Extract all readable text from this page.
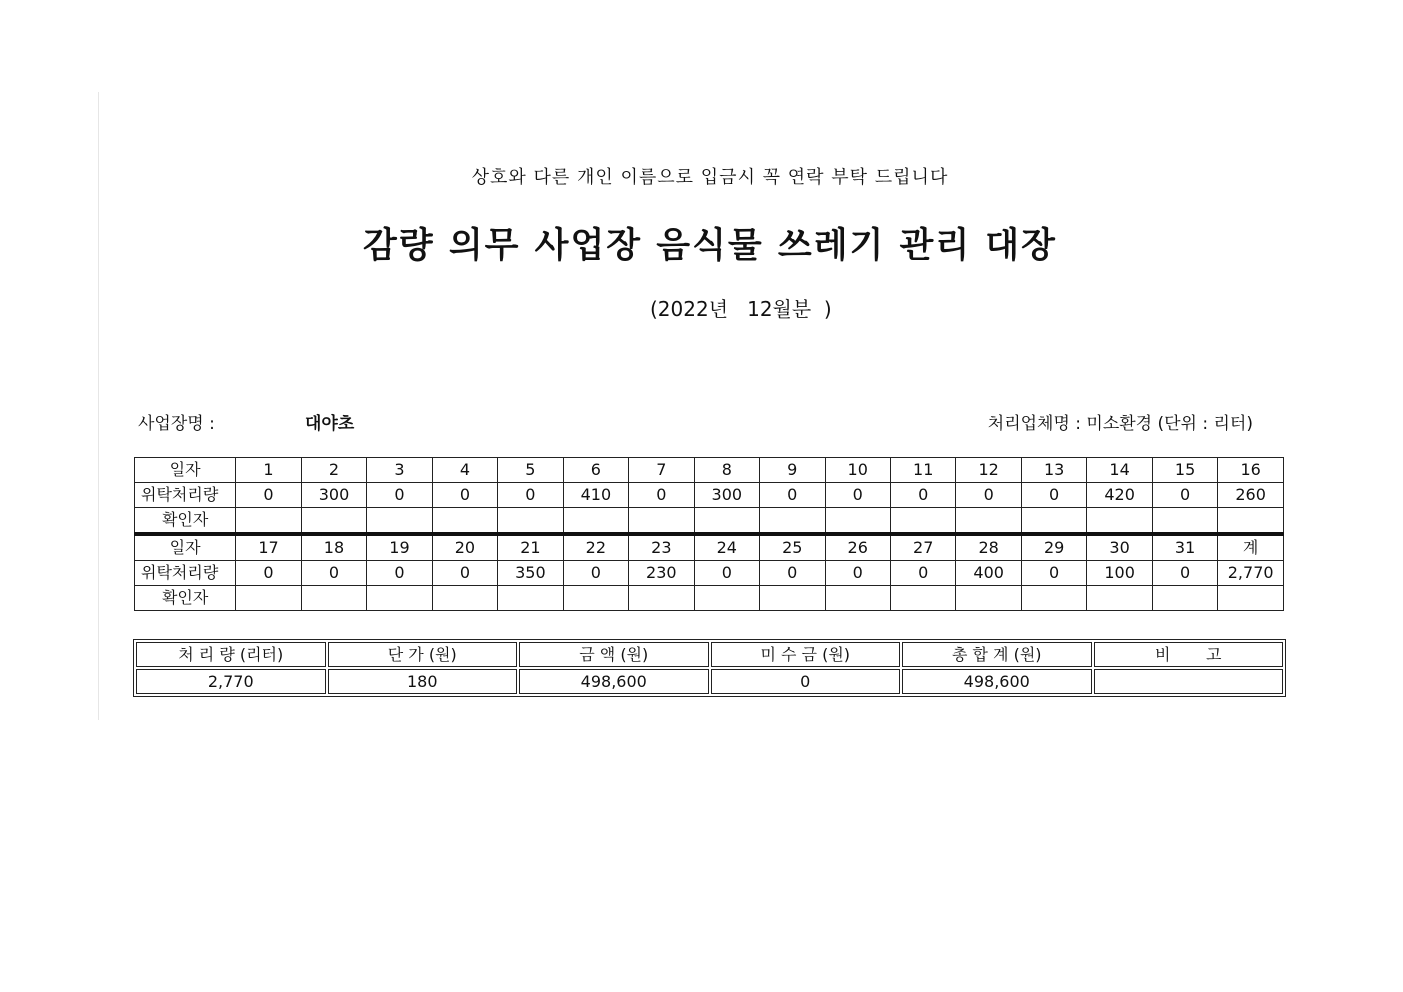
상호와 다른 개인 이름으로 입금시 꼭 연락 부탁 드립니다
감량 의무 사업장 음식물 쓰레기 관리 대장
(2022년   12월분  )
사업장명 :	대야초	처리업체명 : 미소환경 (단위 : 리터)
일자	1	2	3	4	5	6	7	8	9	10	11	12	13	14	15	16
위탁처리량	0	300	0	0	0	410	0	300	0	0	0	0	0	420	0	260
확인자																
일자	17	18	19	20	21	22	23	24	25	26	27	28	29	30	31	계
위탁처리량	0	0	0	0	350	0	230	0	0	0	0	400	0	100	0	2,770
확인자																
처 리 량 (리터)	단 가 (원)	금 액 (원)	미 수 금 (원)	총 합 계 (원)	비       고
2,770	180	498,600	0	498,600	
